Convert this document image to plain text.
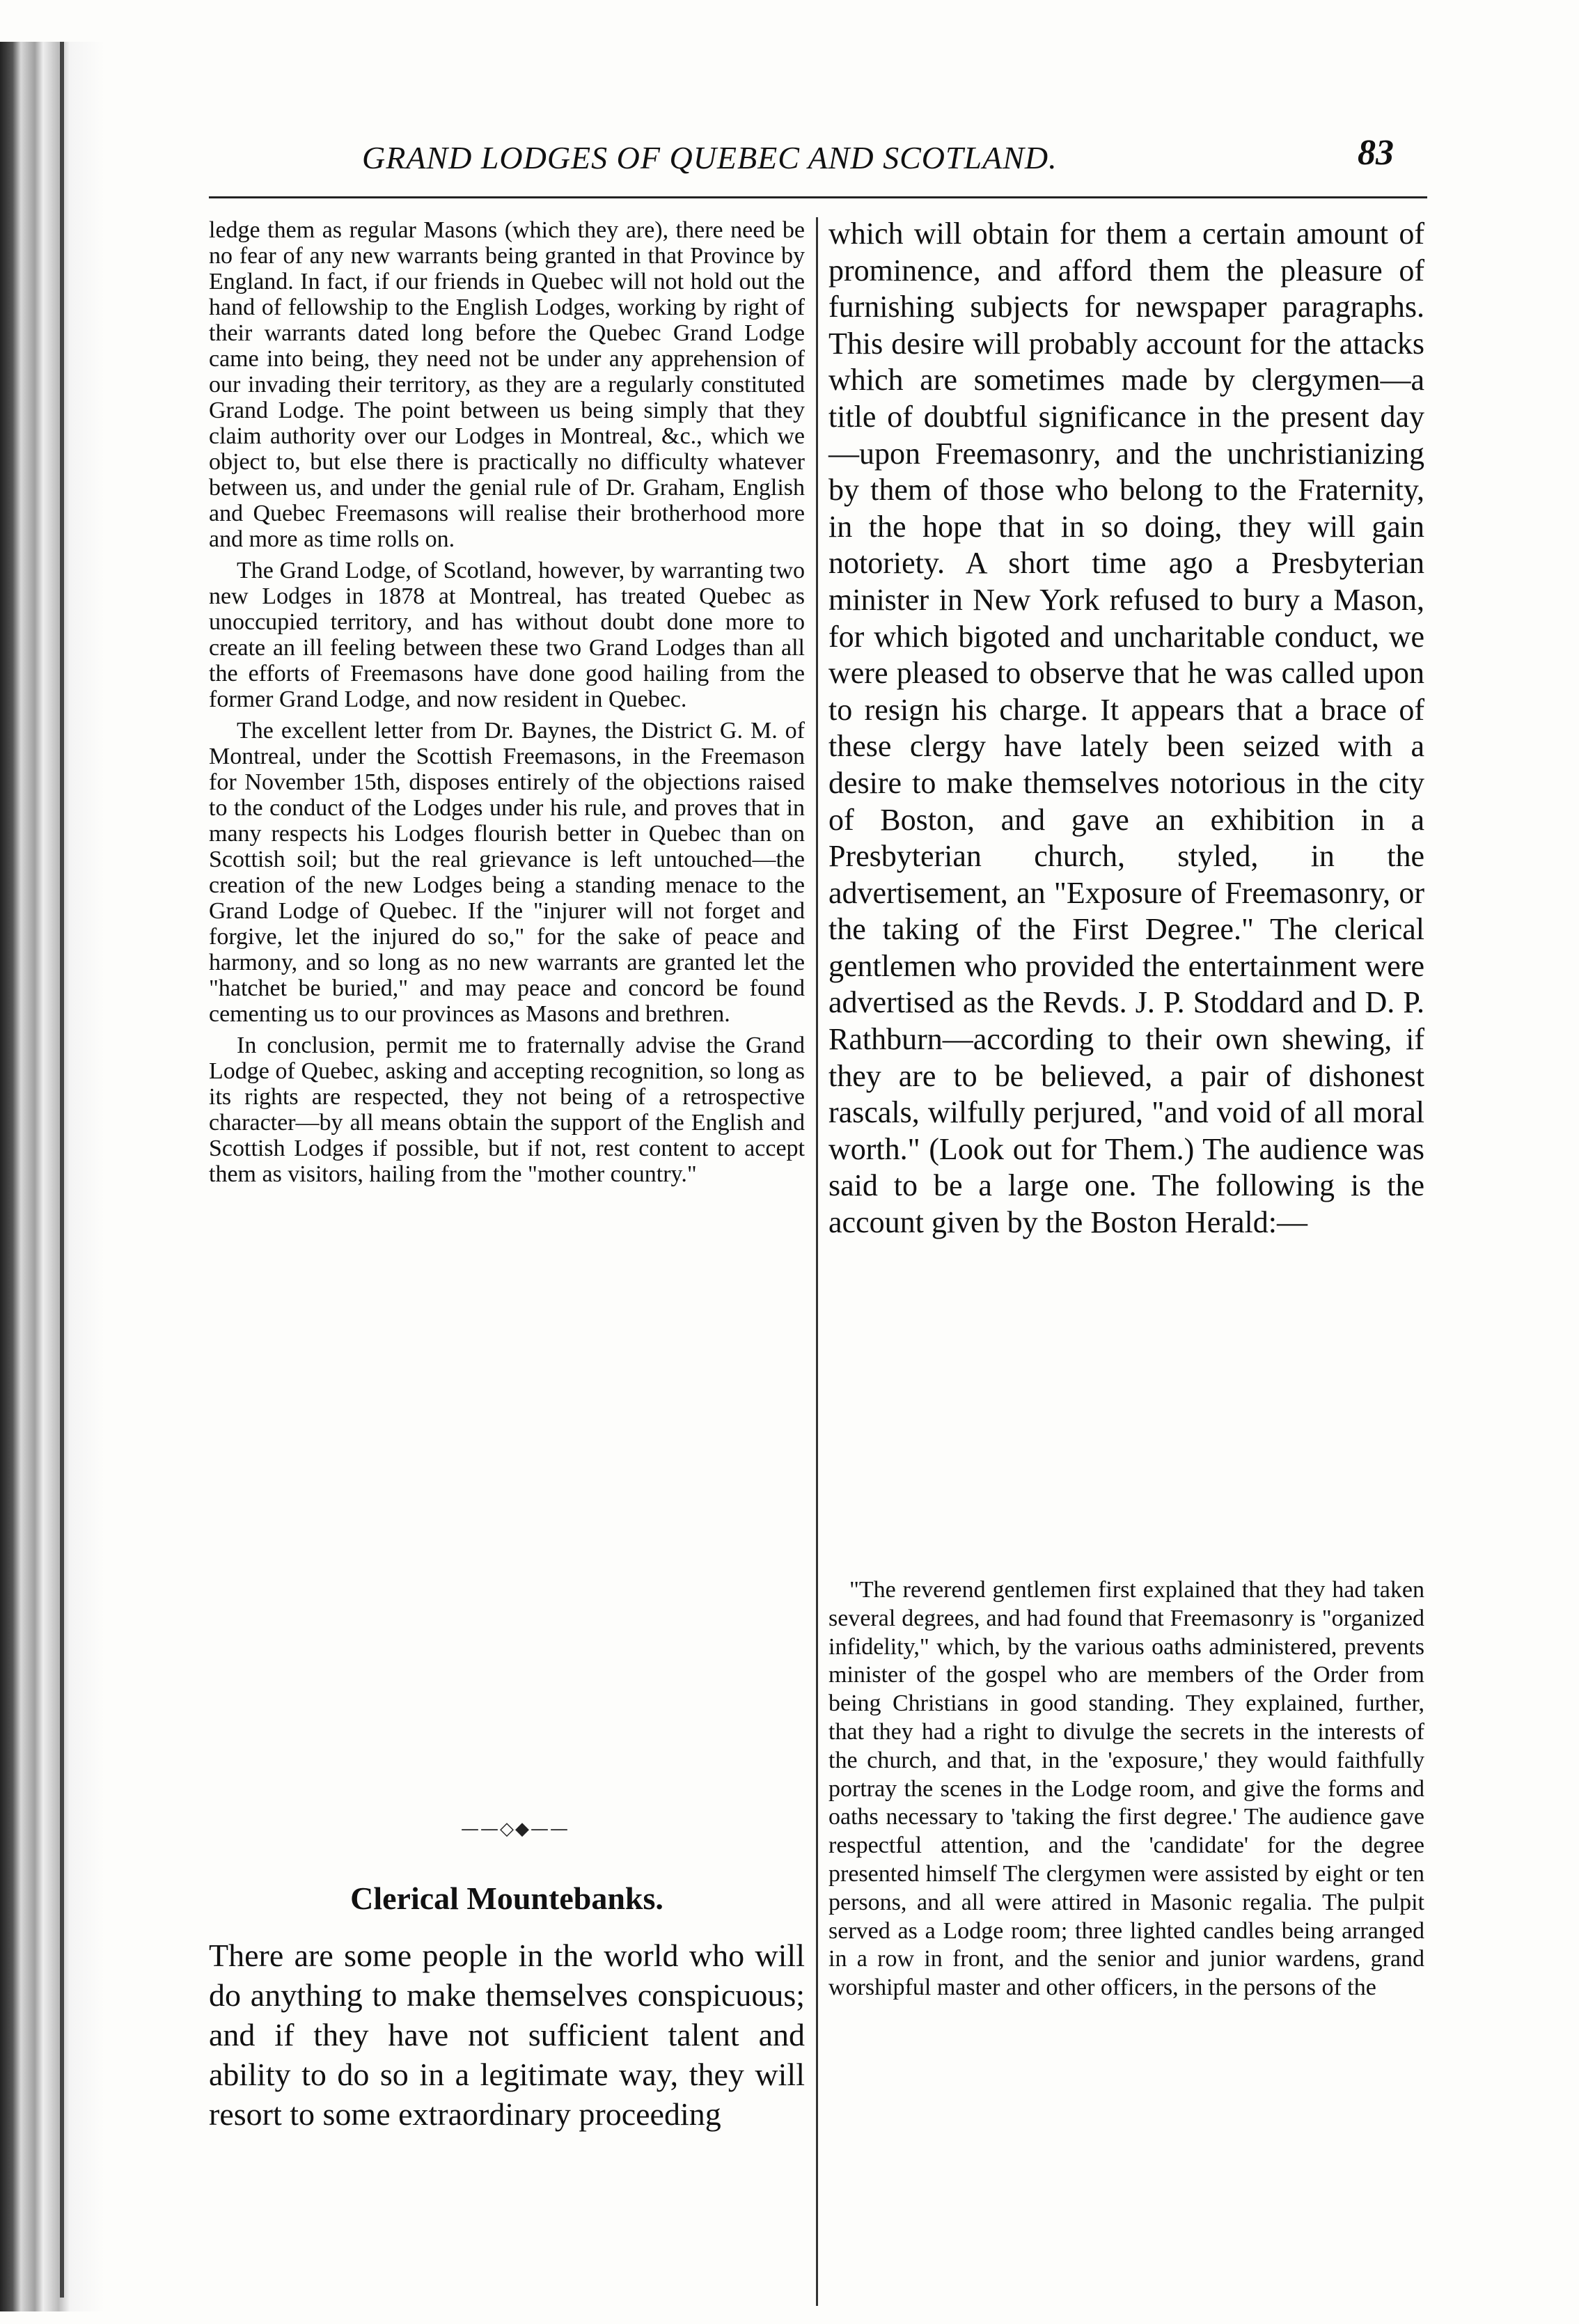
GRAND LODGES OF QUEBEC AND SCOTLAND.	83

ledge them as regular Masons (which they are), there need be no fear of any new warrants being granted in that Province by England. In fact, if our friends in Quebec will not hold out the hand of fellowship to the English Lodges, working by right of their warrants dated long before the Quebec Grand Lodge came into being, they need not be under any apprehension of our invading their territory, as they are a regularly constituted Grand Lodge. The point between us being simply that they claim authority over our Lodges in Montreal, &c., which we object to, but else there is practically no difficulty whatever between us, and under the genial rule of Dr. Graham, English and Quebec Freemasons will realise their brotherhood more and more as time rolls on.

The Grand Lodge, of Scotland, however, by warranting two new Lodges in 1878 at Montreal, has treated Quebec as unoccupied territory, and has without doubt done more to create an ill feeling between these two Grand Lodges than all the efforts of Freemasons have done good hailing from the former Grand Lodge, and now resident in Quebec.

The excellent letter from Dr. Baynes, the District G. M. of Montreal, under the Scottish Freemasons, in the Freemason for November 15th, disposes entirely of the objections raised to the conduct of the Lodges under his rule, and proves that in many respects his Lodges flourish better in Quebec than on Scottish soil; but the real grievance is left untouched—the creation of the new Lodges being a standing menace to the Grand Lodge of Quebec. If the "injurer will not forget and forgive, let the injured do so," for the sake of peace and harmony, and so long as no new warrants are granted let the "hatchet be buried," and may peace and concord be found cementing us to our provinces as Masons and brethren.

In conclusion, permit me to fraternally advise the Grand Lodge of Quebec, asking and accepting recognition, so long as its rights are respected, they not being of a retrospective character—by all means obtain the support of the English and Scottish Lodges if possible, but if not, rest content to accept them as visitors, hailing from the "mother country."

——◇◆——
Clerical Mountebanks.
There are some people in the world who will do anything to make themselves conspicuous; and if they have not sufficient talent and ability to do so in a legitimate way, they will resort to some extraordinary proceeding
which will obtain for them a certain amount of prominence, and afford them the pleasure of furnishing subjects for newspaper paragraphs. This desire will probably account for the attacks which are sometimes made by clergymen—a title of doubtful significance in the present day—upon Freemasonry, and the unchristianizing by them of those who belong to the Fraternity, in the hope that in so doing, they will gain notoriety. A short time ago a Presbyterian minister in New York refused to bury a Mason, for which bigoted and uncharitable conduct, we were pleased to observe that he was called upon to resign his charge. It appears that a brace of these clergy have lately been seized with a desire to make themselves notorious in the city of Boston, and gave an exhibition in a Presbyterian church, styled, in the advertisement, an "Exposure of Freemasonry, or the taking of the First Degree." The clerical gentlemen who provided the entertainment were advertised as the Revds. J. P. Stoddard and D. P. Rathburn—according to their own shewing, if they are to be believed, a pair of dishonest rascals, wilfully perjured, "and void of all moral worth." (Look out for Them.) The audience was said to be a large one. The following is the account given by the Boston Herald:—

"The reverend gentlemen first explained that they had taken several degrees, and had found that Freemasonry is "organized infidelity," which, by the various oaths administered, prevents minister of the gospel who are members of the Order from being Christians in good standing. They explained, further, that they had a right to divulge the secrets in the interests of the church, and that, in the 'exposure,' they would faithfully portray the scenes in the Lodge room, and give the forms and oaths necessary to 'taking the first degree.' The audience gave respectful attention, and the 'candidate' for the degree presented himself The clergymen were assisted by eight or ten persons, and all were attired in Masonic regalia. The pulpit served as a Lodge room; three lighted candles being arranged in a row in front, and the senior and junior wardens, grand worshipful master and other officers, in the persons of the
